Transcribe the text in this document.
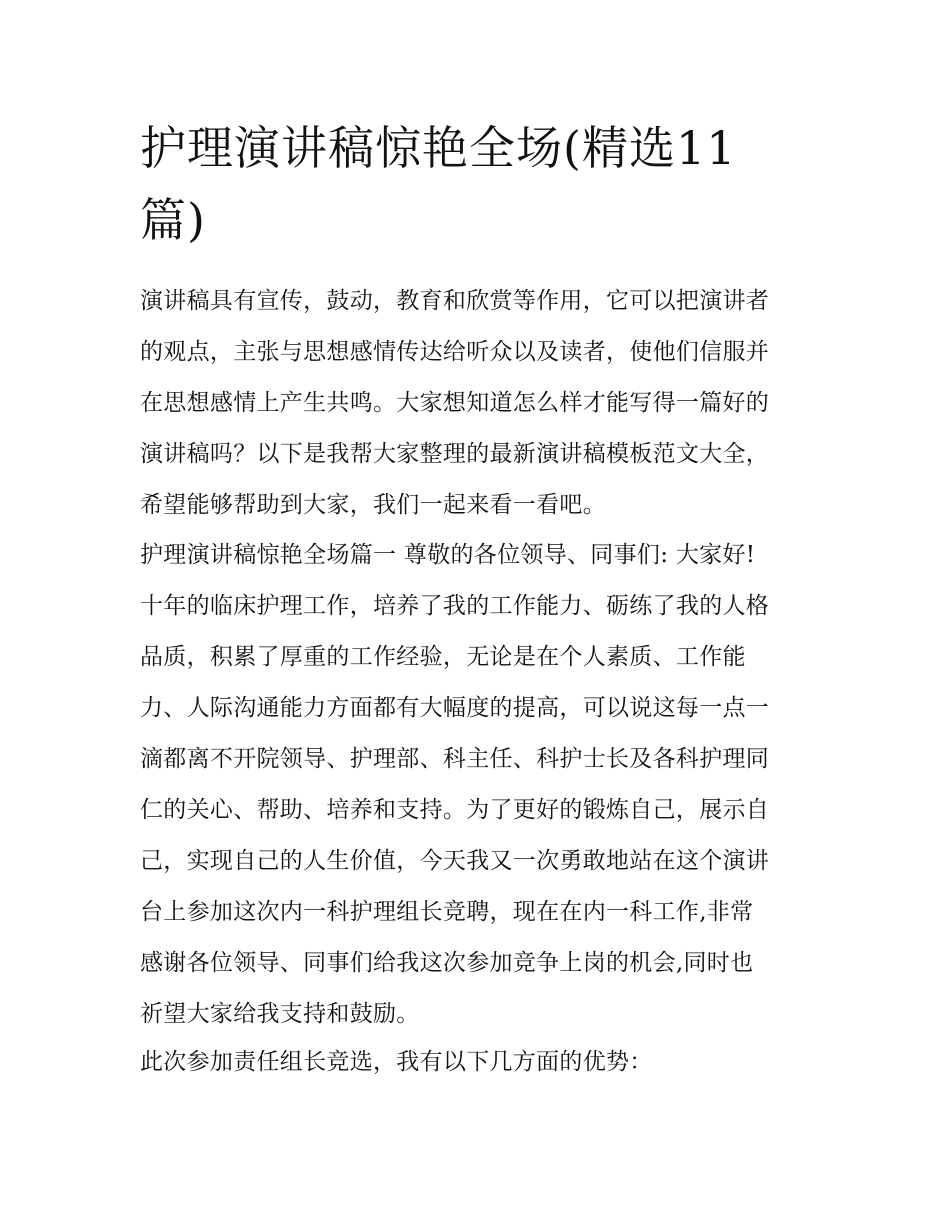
护理演讲稿惊艳全场(精选11
篇)

演讲稿具有宣传，鼓动，教育和欣赏等作用，它可以把演讲者
的观点，主张与思想感情传达给听众以及读者，使他们信服并
在思想感情上产生共鸣。大家想知道怎么样才能写得一篇好的
演讲稿吗？以下是我帮大家整理的最新演讲稿模板范文大全，
希望能够帮助到大家，我们一起来看一看吧。

护理演讲稿惊艳全场篇一 尊敬的各位领导、同事们: 大家好!

十年的临床护理工作，培养了我的工作能力、砺练了我的人格
品质，积累了厚重的工作经验，无论是在个人素质、工作能
力、人际沟通能力方面都有大幅度的提高，可以说这每一点一
滴都离不开院领导、护理部、科主任、科护士长及各科护理同
仁的关心、帮助、培养和支持。为了更好的锻炼自己，展示自
己，实现自己的人生价值，今天我又一次勇敢地站在这个演讲
台上参加这次内一科护理组长竞聘，现在在内一科工作,非常
感谢各位领导、同事们给我这次参加竞争上岗的机会,同时也
祈望大家给我支持和鼓励。

此次参加责任组长竞选，我有以下几方面的优势：
